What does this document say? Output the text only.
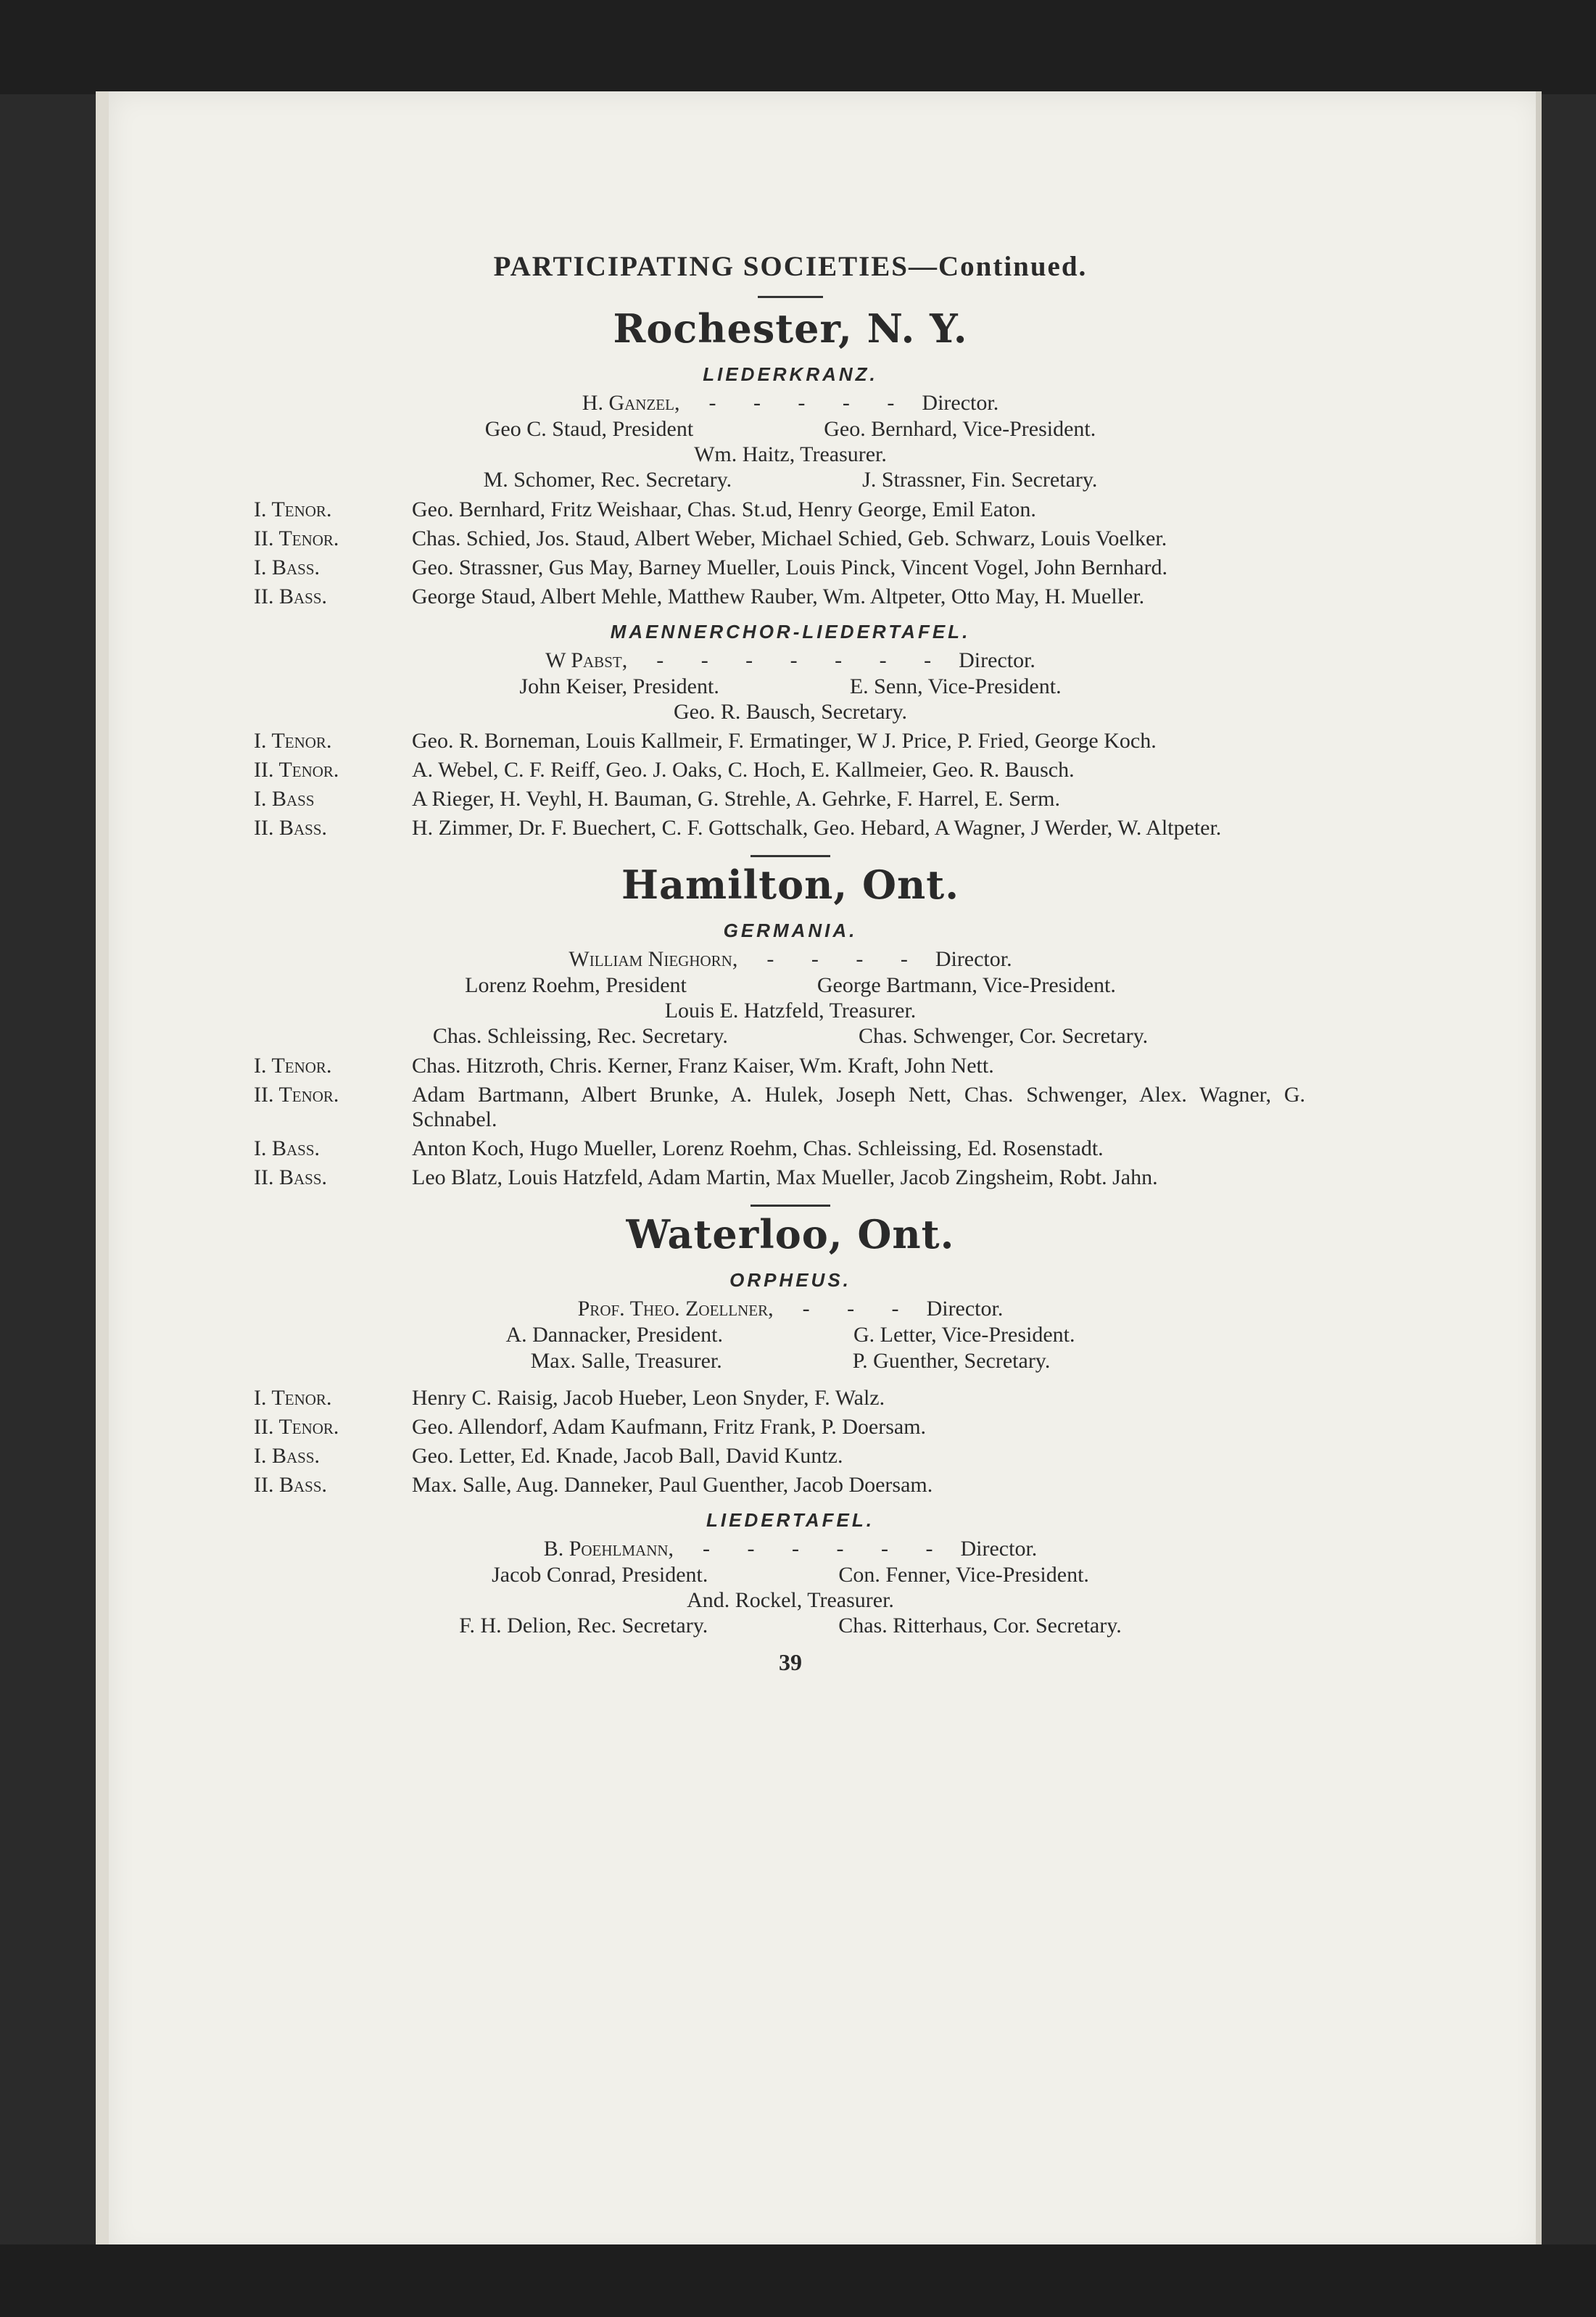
PARTICIPATING SOCIETIES—Continued.
Rochester, N. Y.
LIEDERKRANZ.
H. Ganzel, - - - - - Director.
Geo C. Staud, President	Geo. Bernhard, Vice-President.
Wm. Haitz, Treasurer.
M. Schomer, Rec. Secretary.	J. Strassner, Fin. Secretary.
I. Tenor.	Geo. Bernhard, Fritz Weishaar, Chas. St.ud, Henry George, Emil Eaton.
II. Tenor.	Chas. Schied, Jos. Staud, Albert Weber, Michael Schied, Geb. Schwarz, Louis Voelker.
I. Bass.	Geo. Strassner, Gus May, Barney Mueller, Louis Pinck, Vincent Vogel, John Bernhard.
II. Bass.	George Staud, Albert Mehle, Matthew Rauber, Wm. Altpeter, Otto May, H. Mueller.
MAENNERCHOR-LIEDERTAFEL.
W Pabst, - - - - - - - Director.
John Keiser, President.	E. Senn, Vice-President.
Geo. R. Bausch, Secretary.
I. Tenor.	Geo. R. Borneman, Louis Kallmeir, F. Ermatinger, W J. Price, P. Fried, George Koch.
II. Tenor.	A. Webel, C. F. Reiff, Geo. J. Oaks, C. Hoch, E. Kallmeier, Geo. R. Bausch.
I. Bass	A Rieger, H. Veyhl, H. Bauman, G. Strehle, A. Gehrke, F. Harrel, E. Serm.
II. Bass.	H. Zimmer, Dr. F. Buechert, C. F. Gottschalk, Geo. Hebard, A Wagner, J Werder, W. Altpeter.
Hamilton, Ont.
GERMANIA.
William Nieghorn, - - - - Director.
Lorenz Roehm, President	George Bartmann, Vice-President.
Louis E. Hatzfeld, Treasurer.
Chas. Schleissing, Rec. Secretary.	Chas. Schwenger, Cor. Secretary.
I. Tenor.	Chas. Hitzroth, Chris. Kerner, Franz Kaiser, Wm. Kraft, John Nett.
II. Tenor.	Adam Bartmann, Albert Brunke, A. Hulek, Joseph Nett, Chas. Schwenger, Alex. Wagner, G. Schnabel.
I. Bass.	Anton Koch, Hugo Mueller, Lorenz Roehm, Chas. Schleissing, Ed. Rosenstadt.
II. Bass.	Leo Blatz, Louis Hatzfeld, Adam Martin, Max Mueller, Jacob Zingsheim, Robt. Jahn.
Waterloo, Ont.
ORPHEUS.
Prof. Theo. Zoellner, - - - Director.
A. Dannacker, President.	G. Letter, Vice-President.
Max. Salle, Treasurer.	P. Guenther, Secretary.
I. Tenor.	Henry C. Raisig, Jacob Hueber, Leon Snyder, F. Walz.
II. Tenor.	Geo. Allendorf, Adam Kaufmann, Fritz Frank, P. Doersam.
I. Bass.	Geo. Letter, Ed. Knade, Jacob Ball, David Kuntz.
II. Bass.	Max. Salle, Aug. Danneker, Paul Guenther, Jacob Doersam.
LIEDERTAFEL.
B. Poehlmann, - - - - - - Director.
Jacob Conrad, President.	Con. Fenner, Vice-President.
And. Rockel, Treasurer.
F. H. Delion, Rec. Secretary.	Chas. Ritterhaus, Cor. Secretary.
39
